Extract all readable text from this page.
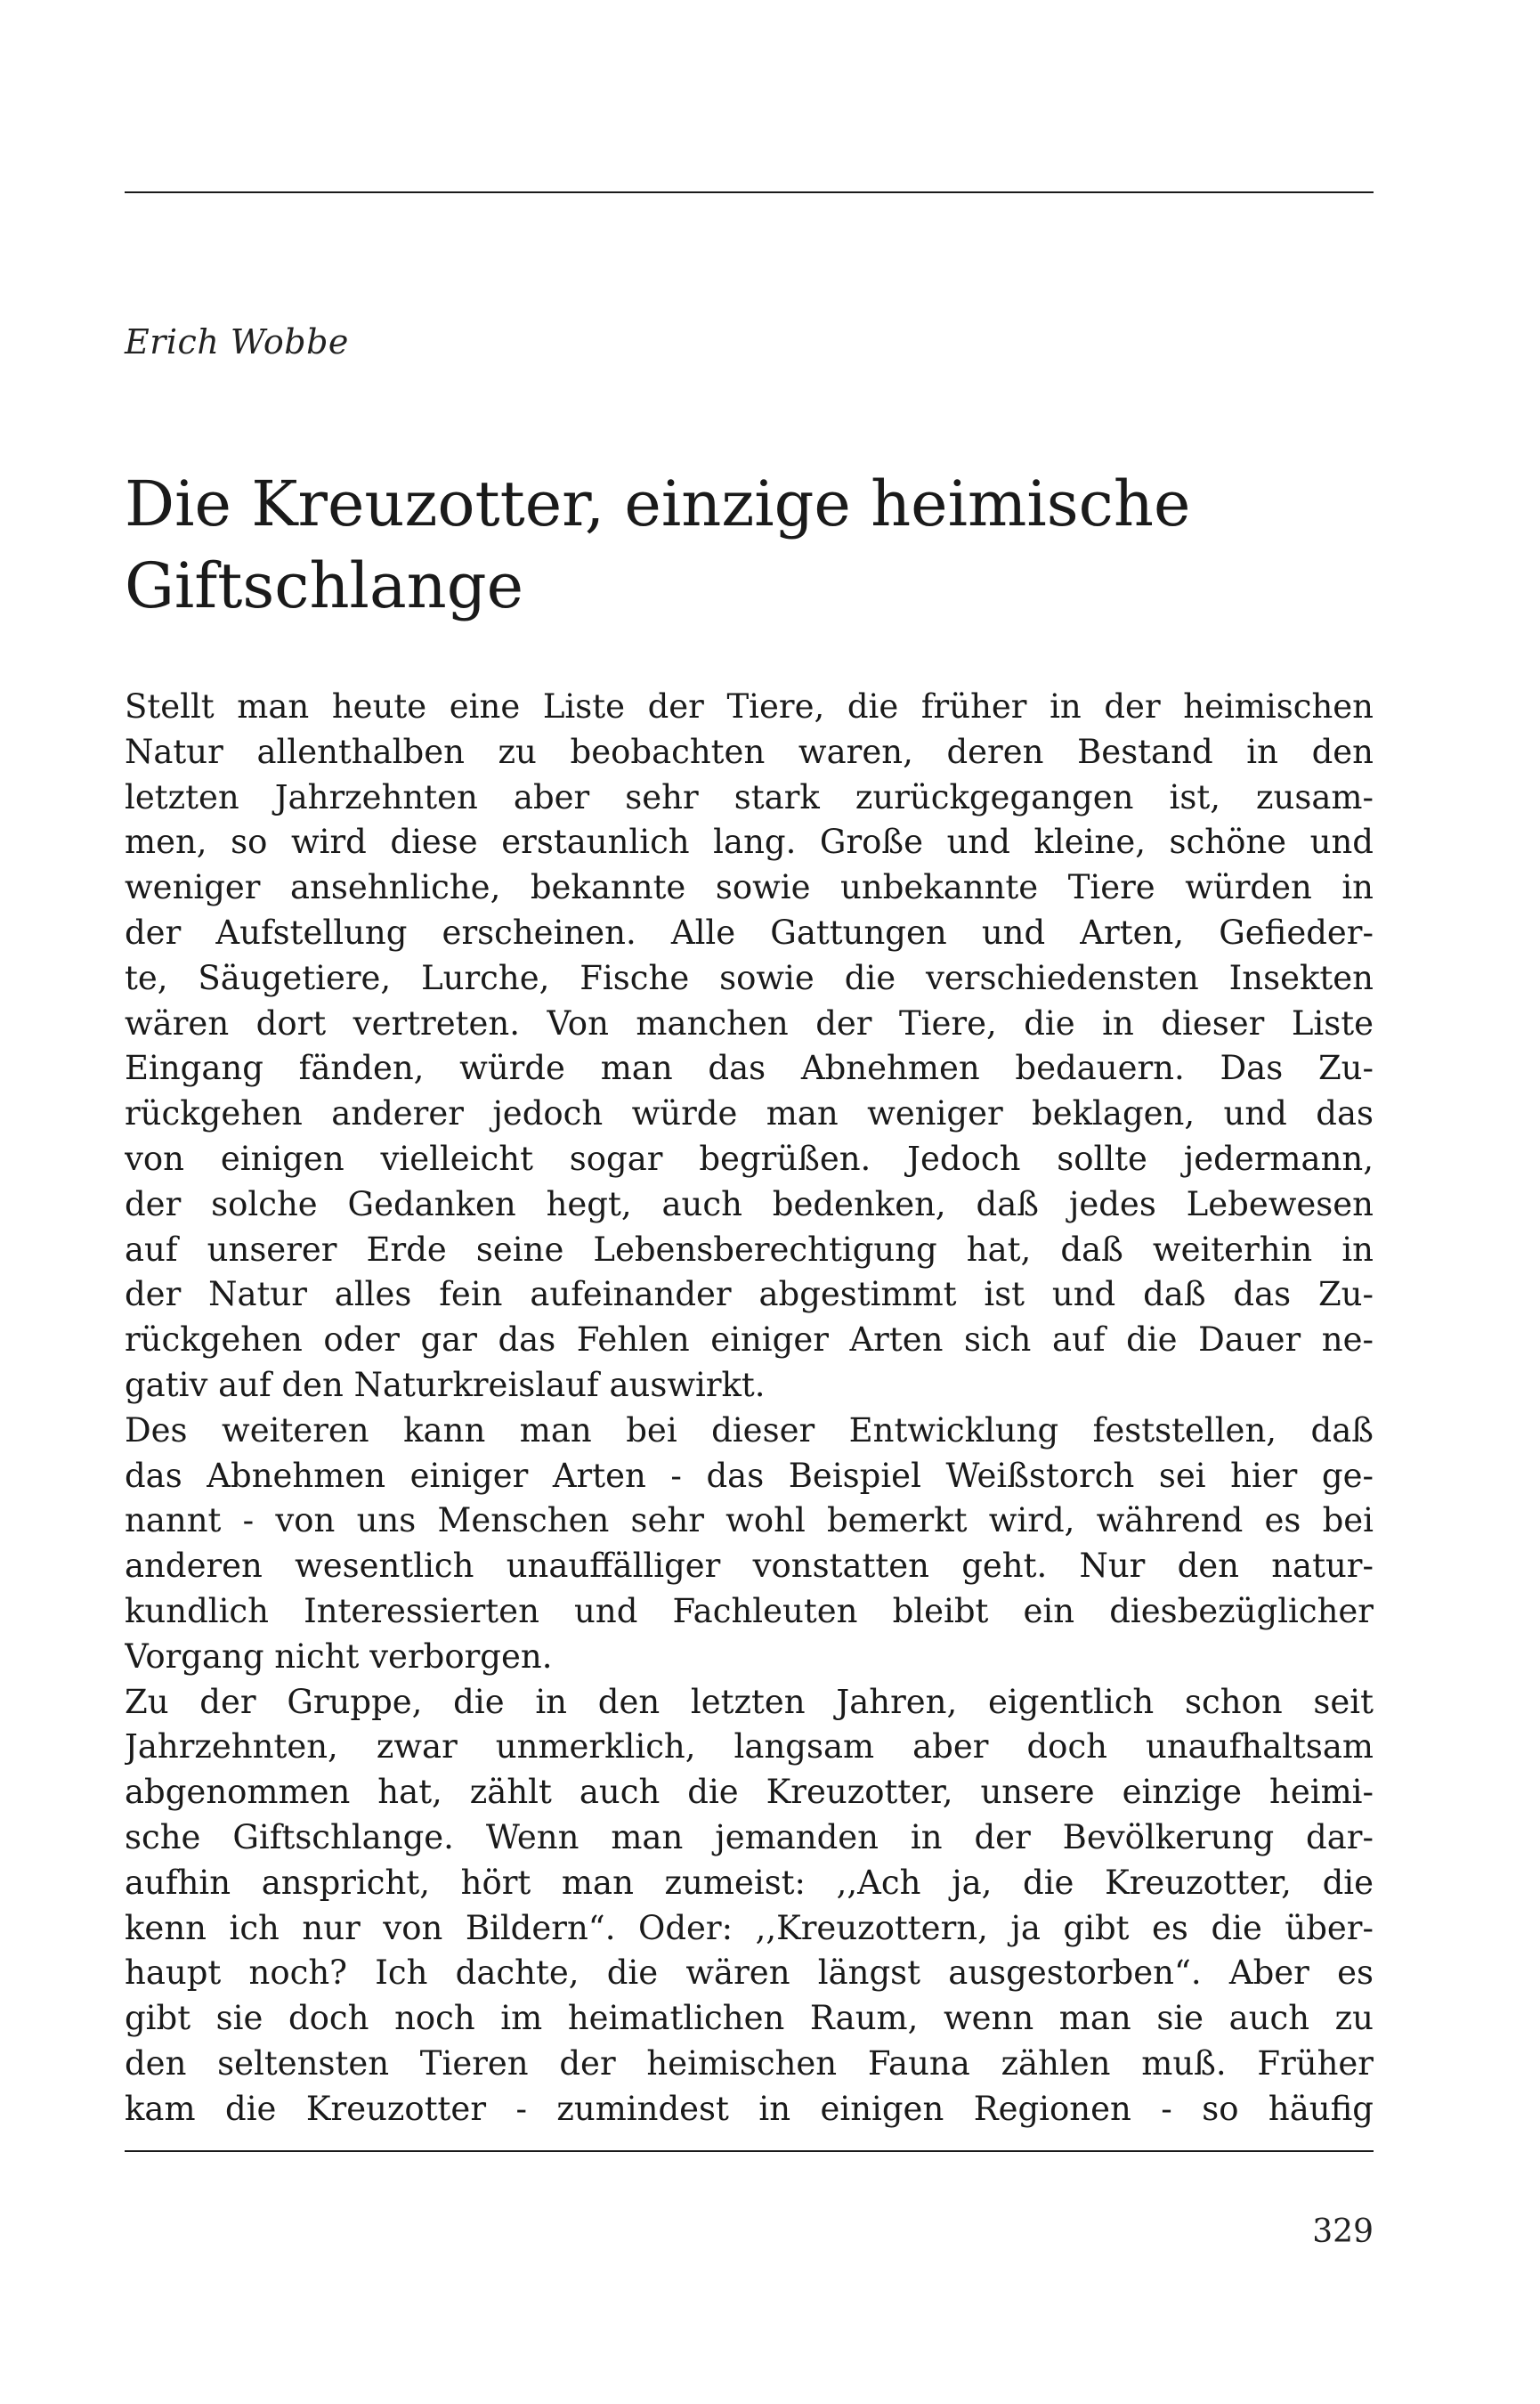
Erich Wobbe
Die Kreuzotter, einzige heimische
Giftschlange
Stellt man heute eine Liste der Tiere, die früher in der heimischen
Natur allenthalben zu beobachten waren, deren Bestand in den
letzten Jahrzehnten aber sehr stark zurückgegangen ist, zusam-
men, so wird diese erstaunlich lang. Große und kleine, schöne und
weniger ansehnliche, bekannte sowie unbekannte Tiere würden in
der Aufstellung erscheinen. Alle Gattungen und Arten, Gefieder-
te, Säugetiere, Lurche, Fische sowie die verschiedensten Insekten
wären dort vertreten. Von manchen der Tiere, die in dieser Liste
Eingang fänden, würde man das Abnehmen bedauern. Das Zu-
rückgehen anderer jedoch würde man weniger beklagen, und das
von einigen vielleicht sogar begrüßen. Jedoch sollte jedermann,
der solche Gedanken hegt, auch bedenken, daß jedes Lebewesen
auf unserer Erde seine Lebensberechtigung hat, daß weiterhin in
der Natur alles fein aufeinander abgestimmt ist und daß das Zu-
rückgehen oder gar das Fehlen einiger Arten sich auf die Dauer ne-
gativ auf den Naturkreislauf auswirkt.
Des weiteren kann man bei dieser Entwicklung feststellen, daß
das Abnehmen einiger Arten - das Beispiel Weißstorch sei hier ge-
nannt - von uns Menschen sehr wohl bemerkt wird, während es bei
anderen wesentlich unauffälliger vonstatten geht. Nur den natur-
kundlich Interessierten und Fachleuten bleibt ein diesbezüglicher
Vorgang nicht verborgen.
Zu der Gruppe, die in den letzten Jahren, eigentlich schon seit
Jahrzehnten, zwar unmerklich, langsam aber doch unaufhaltsam
abgenommen hat, zählt auch die Kreuzotter, unsere einzige heimi-
sche Giftschlange. Wenn man jemanden in der Bevölkerung dar-
aufhin anspricht, hört man zumeist: ,,Ach ja, die Kreuzotter, die
kenn ich nur von Bildern“. Oder: ,,Kreuzottern, ja gibt es die über-
haupt noch? Ich dachte, die wären längst ausgestorben“. Aber es
gibt sie doch noch im heimatlichen Raum, wenn man sie auch zu
den seltensten Tieren der heimischen Fauna zählen muß. Früher
kam die Kreuzotter - zumindest in einigen Regionen - so häufig
329
